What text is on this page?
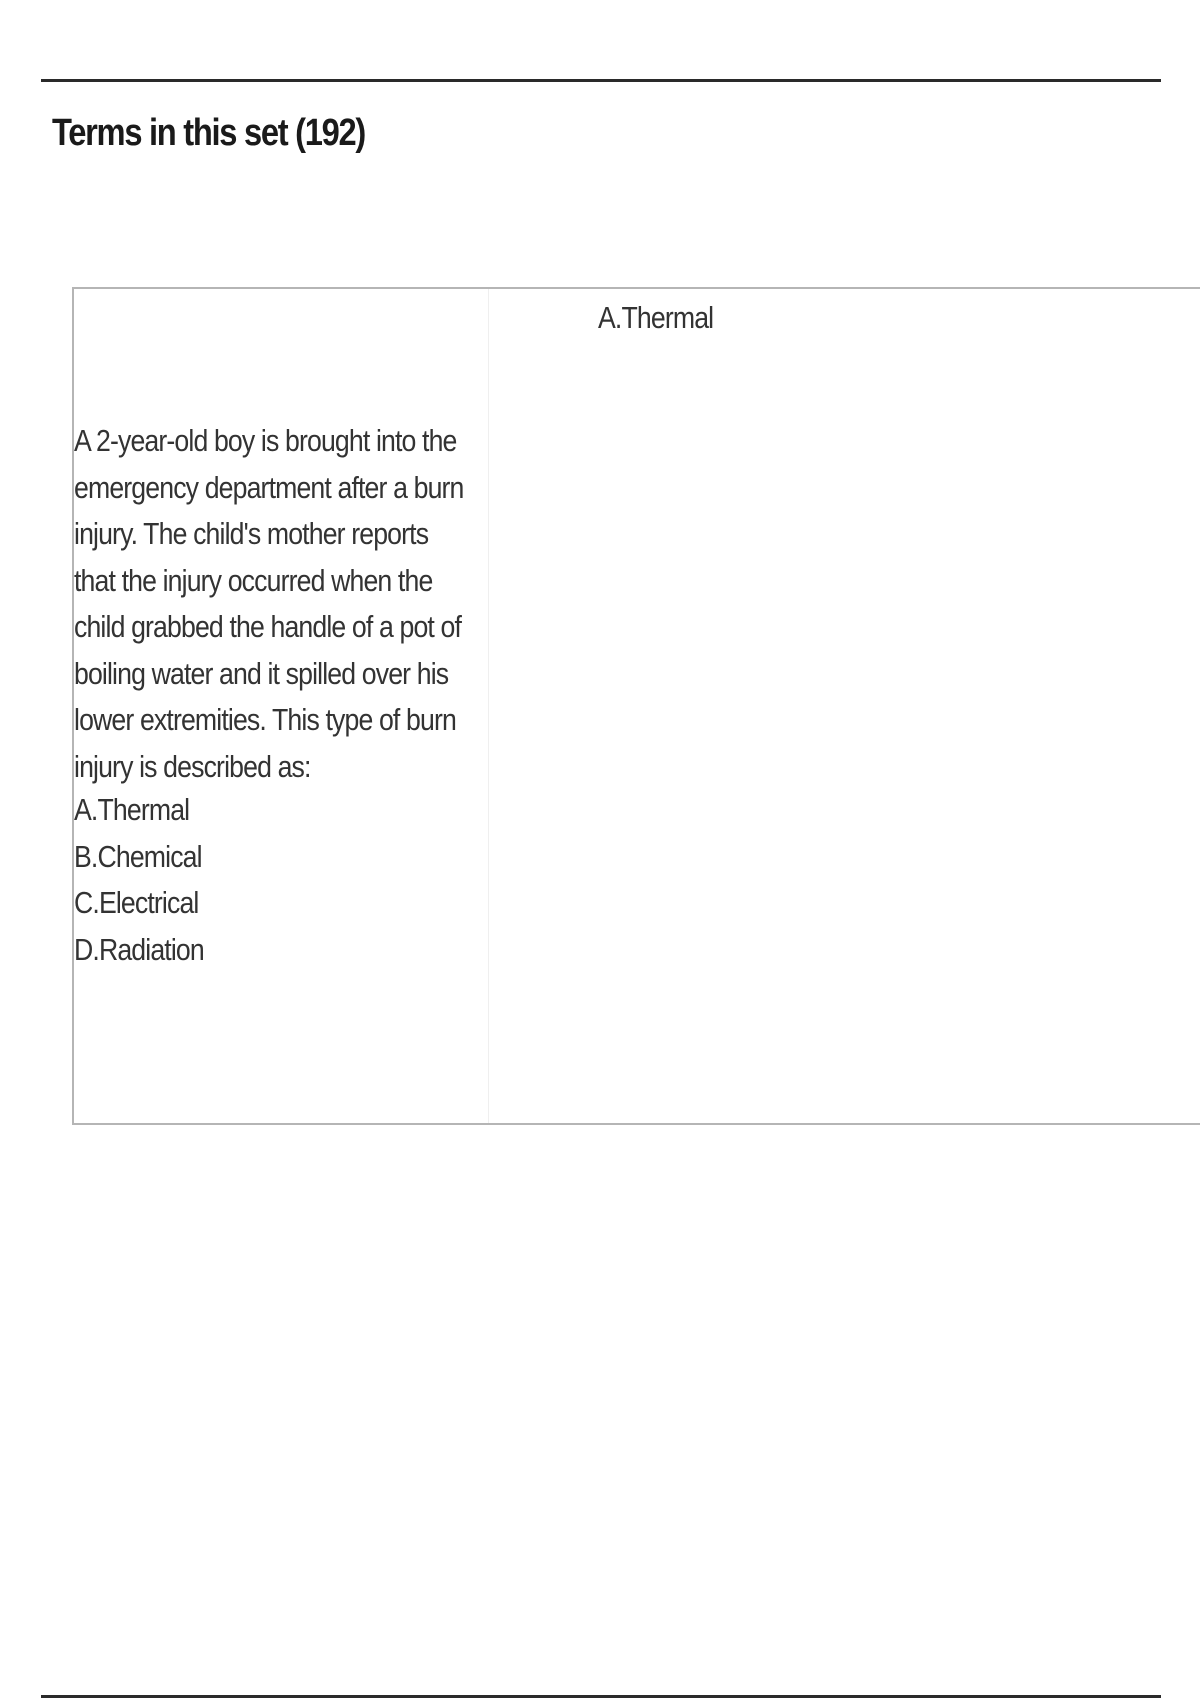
Terms in this set (192)

A 2-year-old boy is brought into the emergency department after a burn injury. The child's mother reports that the injury occurred when the child grabbed the handle of a pot of boiling water and it spilled over his lower extremities. This type of burn injury is described as:

A.Thermal
B.Chemical
C.Electrical
D.Radiation

A.Thermal
